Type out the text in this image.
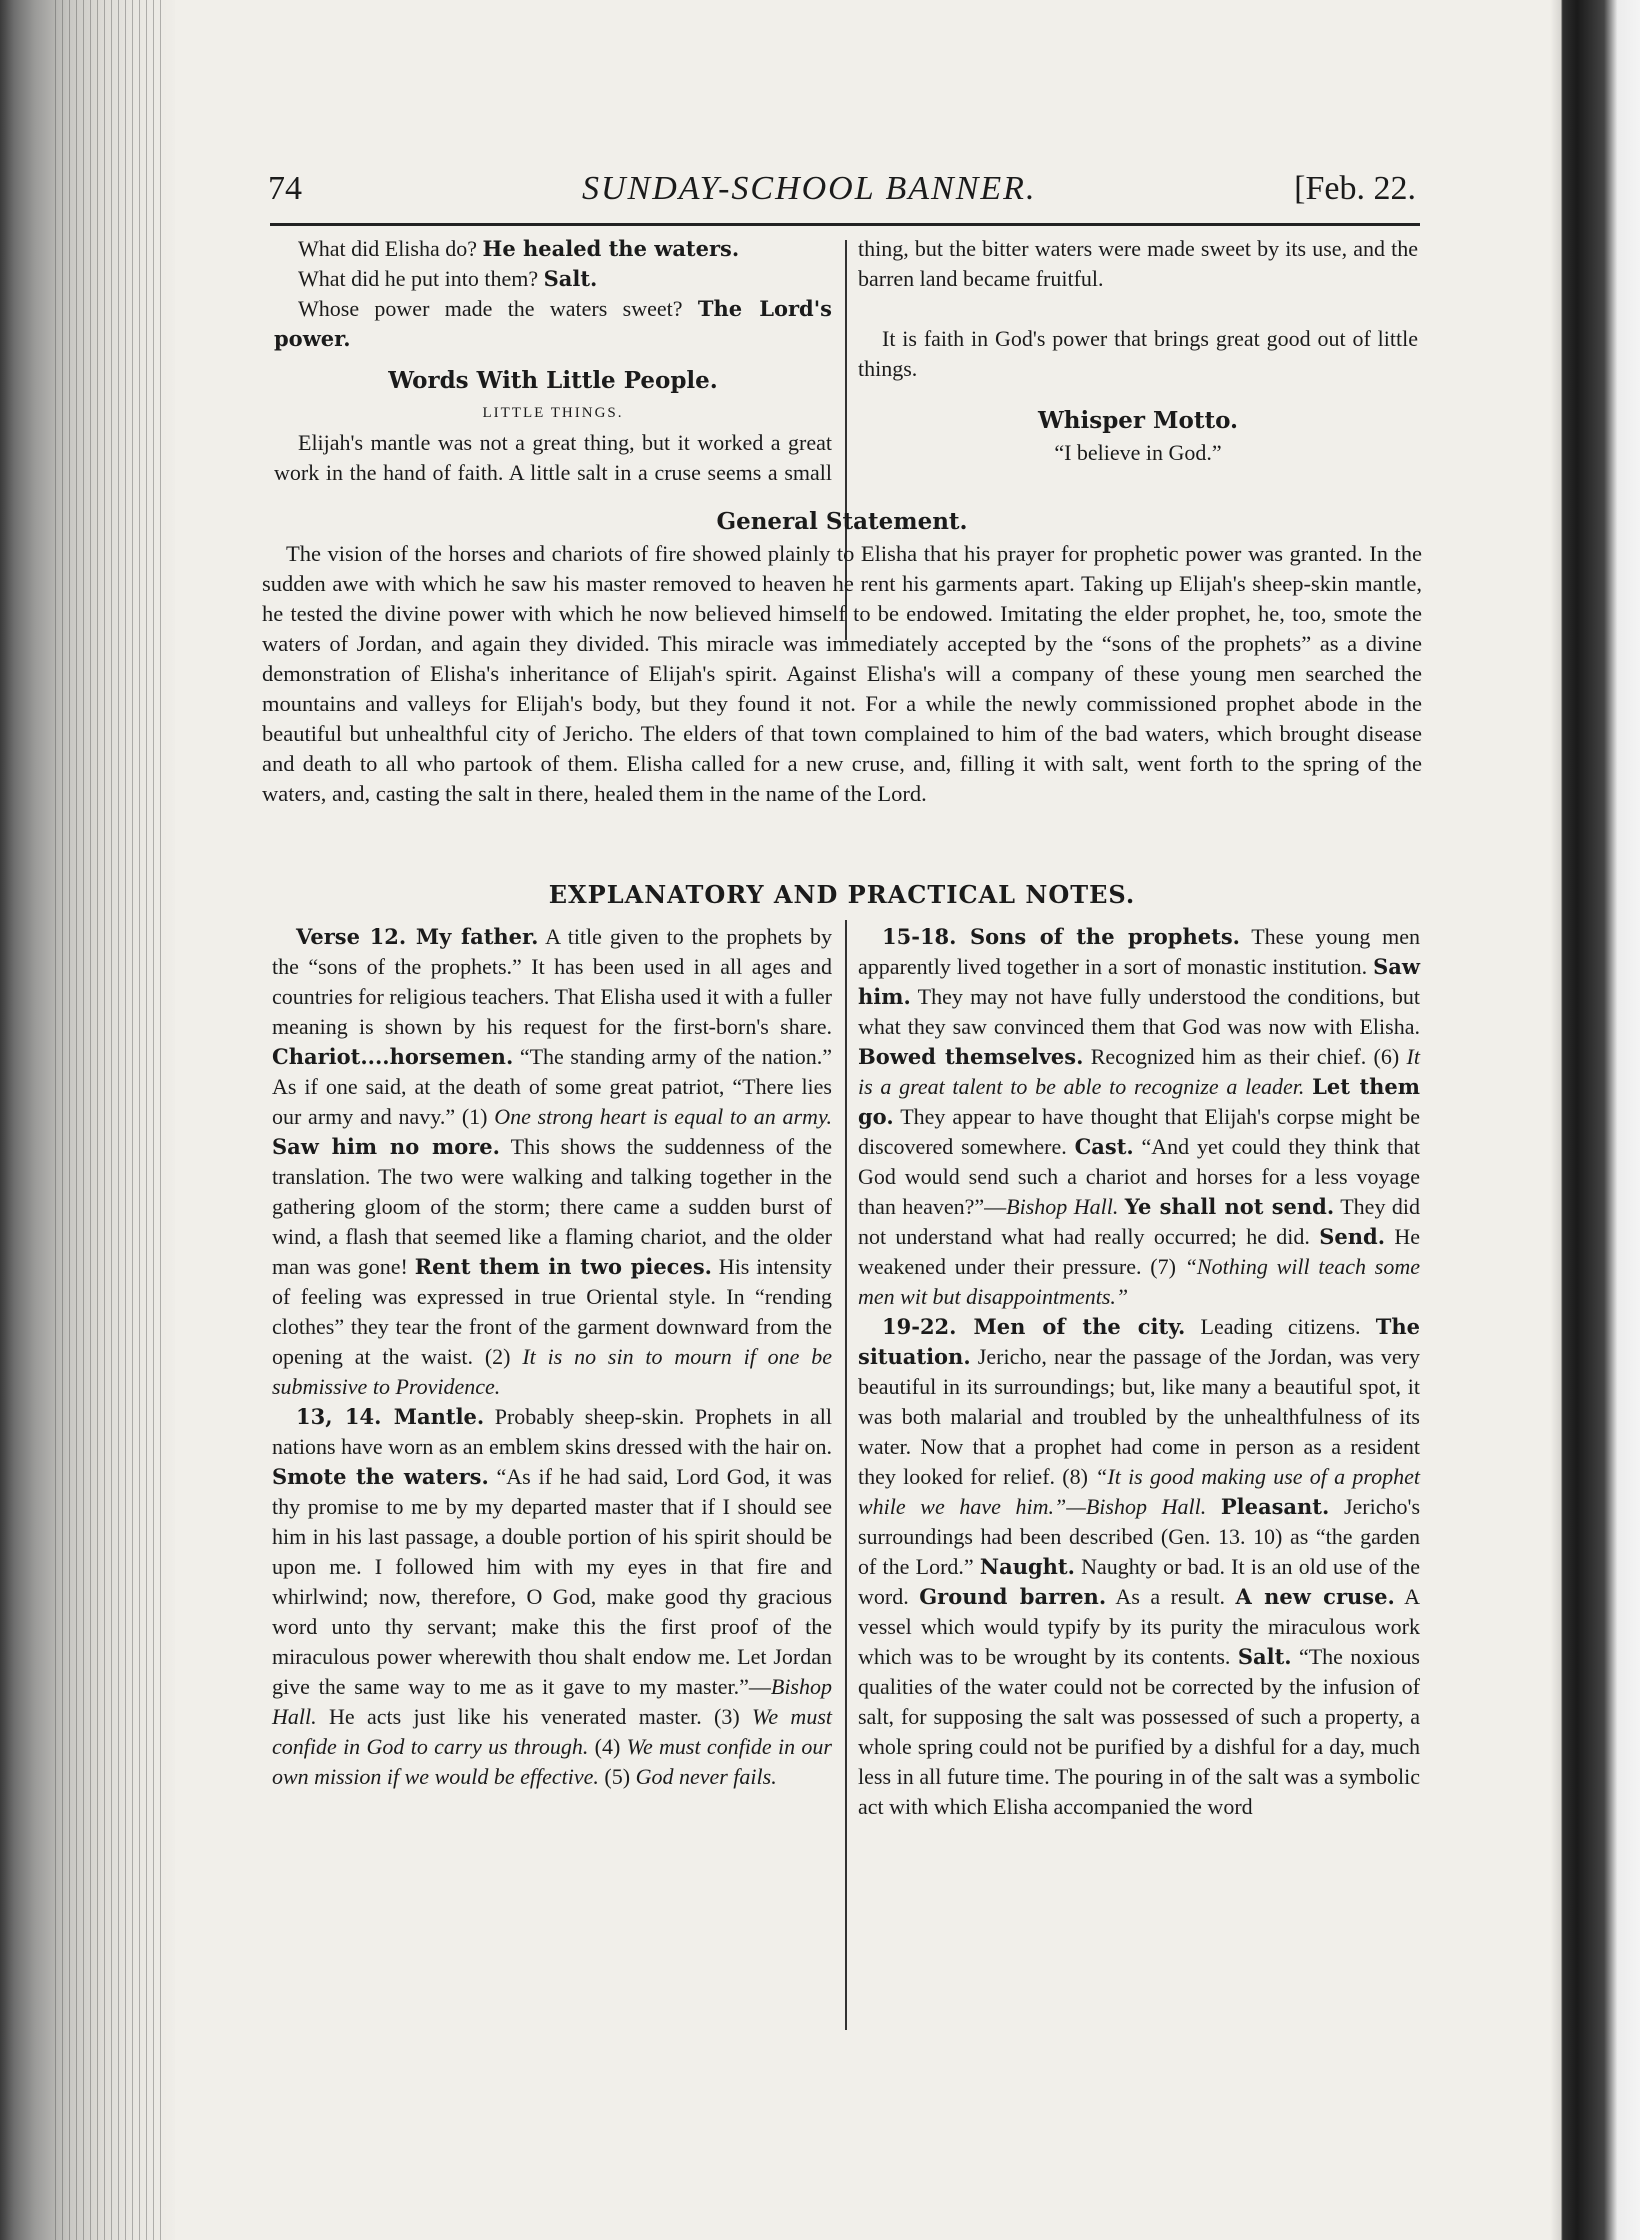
74	SUNDAY-SCHOOL BANNER.	[Feb. 22.

What did Elisha do? He healed the waters.

What did he put into them? Salt.

Whose power made the waters sweet? The Lord's power.

Words With Little People.
LITTLE THINGS.

Elijah's mantle was not a great thing, but it worked a great work in the hand of faith. A little salt in a cruse seems a small

thing, but the bitter waters were made sweet by its use, and the barren land became fruitful.

It is faith in God's power that brings great good out of little things.

Whisper Motto.

“I believe in God.”

General Statement.

The vision of the horses and chariots of fire showed plainly to Elisha that his prayer for prophetic power was granted. In the sudden awe with which he saw his master removed to heaven he rent his garments apart. Taking up Elijah's sheep-skin mantle, he tested the divine power with which he now believed himself to be endowed. Imitating the elder prophet, he, too, smote the waters of Jordan, and again they divided. This miracle was immediately accepted by the “sons of the prophets” as a divine demonstration of Elisha's inheritance of Elijah's spirit. Against Elisha's will a company of these young men searched the mountains and valleys for Elijah's body, but they found it not. For a while the newly commissioned prophet abode in the beautiful but unhealthful city of Jericho. The elders of that town complained to him of the bad waters, which brought disease and death to all who partook of them. Elisha called for a new cruse, and, filling it with salt, went forth to the spring of the waters, and, casting the salt in there, healed them in the name of the Lord.

EXPLANATORY AND PRACTICAL NOTES.

Verse 12. My father. A title given to the prophets by the “sons of the prophets.” It has been used in all ages and countries for religious teachers. That Elisha used it with a fuller meaning is shown by his request for the first-born's share. Chariot....horsemen. “The standing army of the nation.” As if one said, at the death of some great patriot, “There lies our army and navy.” (1) One strong heart is equal to an army. Saw him no more. This shows the suddenness of the translation. The two were walking and talking together in the gathering gloom of the storm; there came a sudden burst of wind, a flash that seemed like a flaming chariot, and the older man was gone! Rent them in two pieces. His intensity of feeling was expressed in true Oriental style. In “rending clothes” they tear the front of the garment downward from the opening at the waist. (2) It is no sin to mourn if one be submissive to Providence.

13, 14. Mantle. Probably sheep-skin. Prophets in all nations have worn as an emblem skins dressed with the hair on. Smote the waters. “As if he had said, Lord God, it was thy promise to me by my departed master that if I should see him in his last passage, a double portion of his spirit should be upon me. I followed him with my eyes in that fire and whirlwind; now, therefore, O God, make good thy gracious word unto thy servant; make this the first proof of the miraculous power wherewith thou shalt endow me. Let Jordan give the same way to me as it gave to my master.”—Bishop Hall. He acts just like his venerated master. (3) We must confide in God to carry us through. (4) We must confide in our own mission if we would be effective. (5) God never fails.

15-18. Sons of the prophets. These young men apparently lived together in a sort of monastic institution. Saw him. They may not have fully understood the conditions, but what they saw convinced them that God was now with Elisha. Bowed themselves. Recognized him as their chief. (6) It is a great talent to be able to recognize a leader. Let them go. They appear to have thought that Elijah's corpse might be discovered somewhere. Cast. “And yet could they think that God would send such a chariot and horses for a less voyage than heaven?”—Bishop Hall. Ye shall not send. They did not understand what had really occurred; he did. Send. He weakened under their pressure. (7) “Nothing will teach some men wit but disappointments.”

19-22. Men of the city. Leading citizens. The situation. Jericho, near the passage of the Jordan, was very beautiful in its surroundings; but, like many a beautiful spot, it was both malarial and troubled by the unhealthfulness of its water. Now that a prophet had come in person as a resident they looked for relief. (8) “It is good making use of a prophet while we have him.”—Bishop Hall. Pleasant. Jericho's surroundings had been described (Gen. 13. 10) as “the garden of the Lord.” Naught. Naughty or bad. It is an old use of the word. Ground barren. As a result. A new cruse. A vessel which would typify by its purity the miraculous work which was to be wrought by its contents. Salt. “The noxious qualities of the water could not be corrected by the infusion of salt, for supposing the salt was possessed of such a property, a whole spring could not be purified by a dishful for a day, much less in all future time. The pouring in of the salt was a symbolic act with which Elisha accompanied the word
